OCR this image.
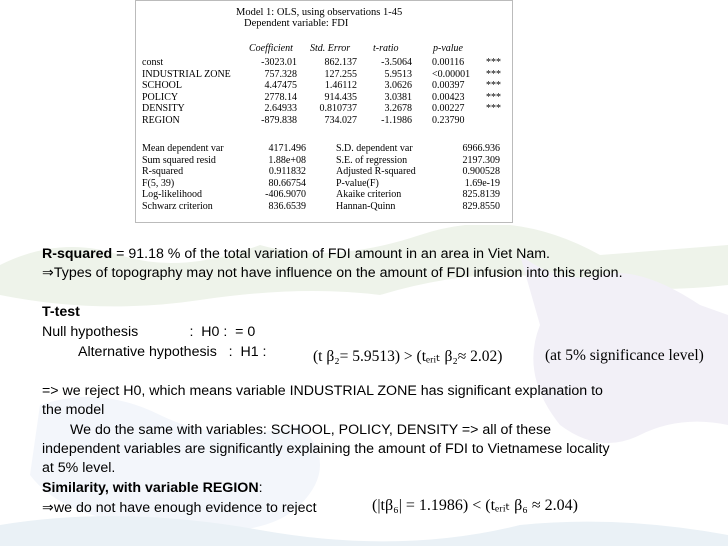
Model 1: OLS, using observations 1-45
Dependent variable: FDI
Coefficient Std. Error t-ratio	p-value
const	-3023.01	862.137	-3.5064 0.00116 ***
INDUSTRIAL ZONE	757.328	127.255	5.9513 <0.00001 ***
SCHOOL	4.47475	1.46112	3.0626 0.00397 ***
POLICY	2778.14	914.435	3.0381 0.00423 ***
DENSITY	2.64933	0.810737	3.2678 0.00227 ***
REGION	-879.838	734.027	-1.1986 0.23790
Mean dependent var	4171.496	S.D. dependent var	6966.936
Sum squared resid	1.88e+08	S.E. of regression	2197.309
R-squared	0.911832	Adjusted R-squared	0.900528
F(5, 39)	80.66754	P-value(F)	1.69e-19
Log-likelihood	-406.9070	Akaike criterion	825.8139
Schwarz criterion	836.6539	Hannan-Quinn	829.8550
R-squared = 91.18 % of the total variation of FDI amount in an area in Viet Nam.
⇒Types of topography may not have influence on the amount of FDI infusion into this region.
T-test
Null hypothesis             :  H0 :  = 0
Alternative hypothesis   :  H1 :	(t β₂= 5.9513) > (tₑᵣᵢₜ β₂≈ 2.02)	(at 5% significance level)
=> we reject H0, which means variable INDUSTRIAL ZONE has significant explanation to
the model
We do the same with variables: SCHOOL, POLICY, DENSITY => all of these
independent variables are significantly explaining the amount of FDI to Vietnamese locality
at 5% level.
Similarity, with variable REGION:
⇒we do not have enough evidence to reject	(|tβ₆| = 1.1986) < (tₑᵣᵢₜ β₆ ≈ 2.04)
